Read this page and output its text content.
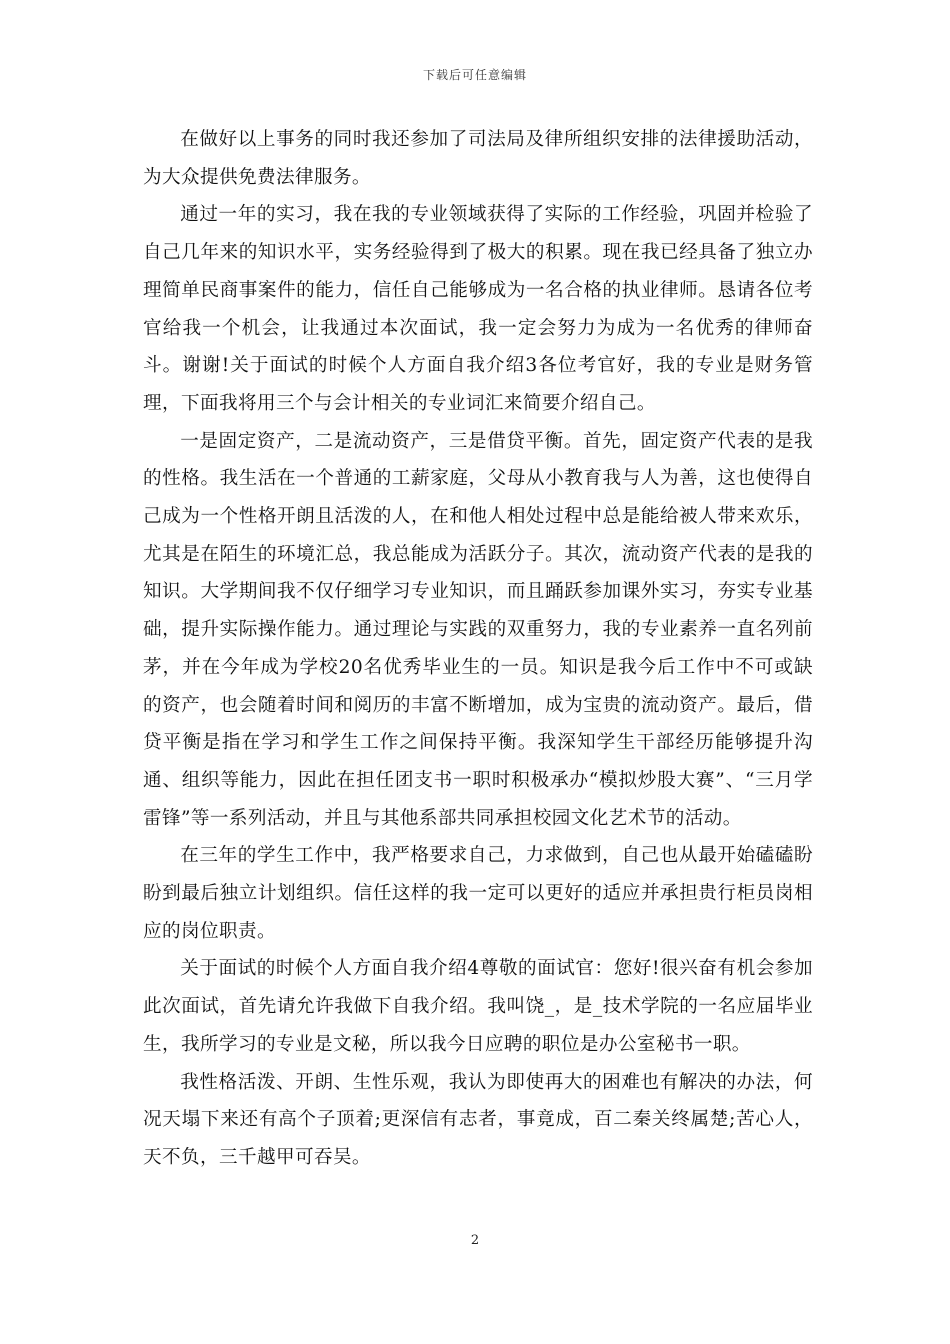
下载后可任意编辑

在做好以上事务的同时我还参加了司法局及律所组织安排的法律援助活动，为大众提供免费法律服务。

通过一年的实习，我在我的专业领域获得了实际的工作经验，巩固并检验了自己几年来的知识水平，实务经验得到了极大的积累。现在我已经具备了独立办理简单民商事案件的能力，信任自己能够成为一名合格的执业律师。恳请各位考官给我一个机会，让我通过本次面试，我一定会努力为成为一名优秀的律师奋斗。谢谢!关于面试的时候个人方面自我介绍3各位考官好，我的专业是财务管理，下面我将用三个与会计相关的专业词汇来简要介绍自己。

一是固定资产，二是流动资产，三是借贷平衡。首先，固定资产代表的是我的性格。我生活在一个普通的工薪家庭，父母从小教育我与人为善，这也使得自己成为一个性格开朗且活泼的人，在和他人相处过程中总是能给被人带来欢乐，尤其是在陌生的环境汇总，我总能成为活跃分子。其次，流动资产代表的是我的知识。大学期间我不仅仔细学习专业知识，而且踊跃参加课外实习，夯实专业基础，提升实际操作能力。通过理论与实践的双重努力，我的专业素养一直名列前茅，并在今年成为学校20名优秀毕业生的一员。知识是我今后工作中不可或缺的资产，也会随着时间和阅历的丰富不断增加，成为宝贵的流动资产。最后，借贷平衡是指在学习和学生工作之间保持平衡。我深知学生干部经历能够提升沟通、组织等能力，因此在担任团支书一职时积极承办“模拟炒股大赛”、“三月学雷锋”等一系列活动，并且与其他系部共同承担校园文化艺术节的活动。

在三年的学生工作中，我严格要求自己，力求做到，自己也从最开始磕磕盼盼到最后独立计划组织。信任这样的我一定可以更好的适应并承担贵行柜员岗相应的岗位职责。

关于面试的时候个人方面自我介绍4尊敬的面试官：您好!很兴奋有机会参加此次面试，首先请允许我做下自我介绍。我叫饶_，是_技术学院的一名应届毕业生，我所学习的专业是文秘，所以我今日应聘的职位是办公室秘书一职。

我性格活泼、开朗、生性乐观，我认为即使再大的困难也有解决的办法，何况天塌下来还有高个子顶着;更深信有志者，事竟成，百二秦关终属楚;苦心人，天不负，三千越甲可吞吴。

2
